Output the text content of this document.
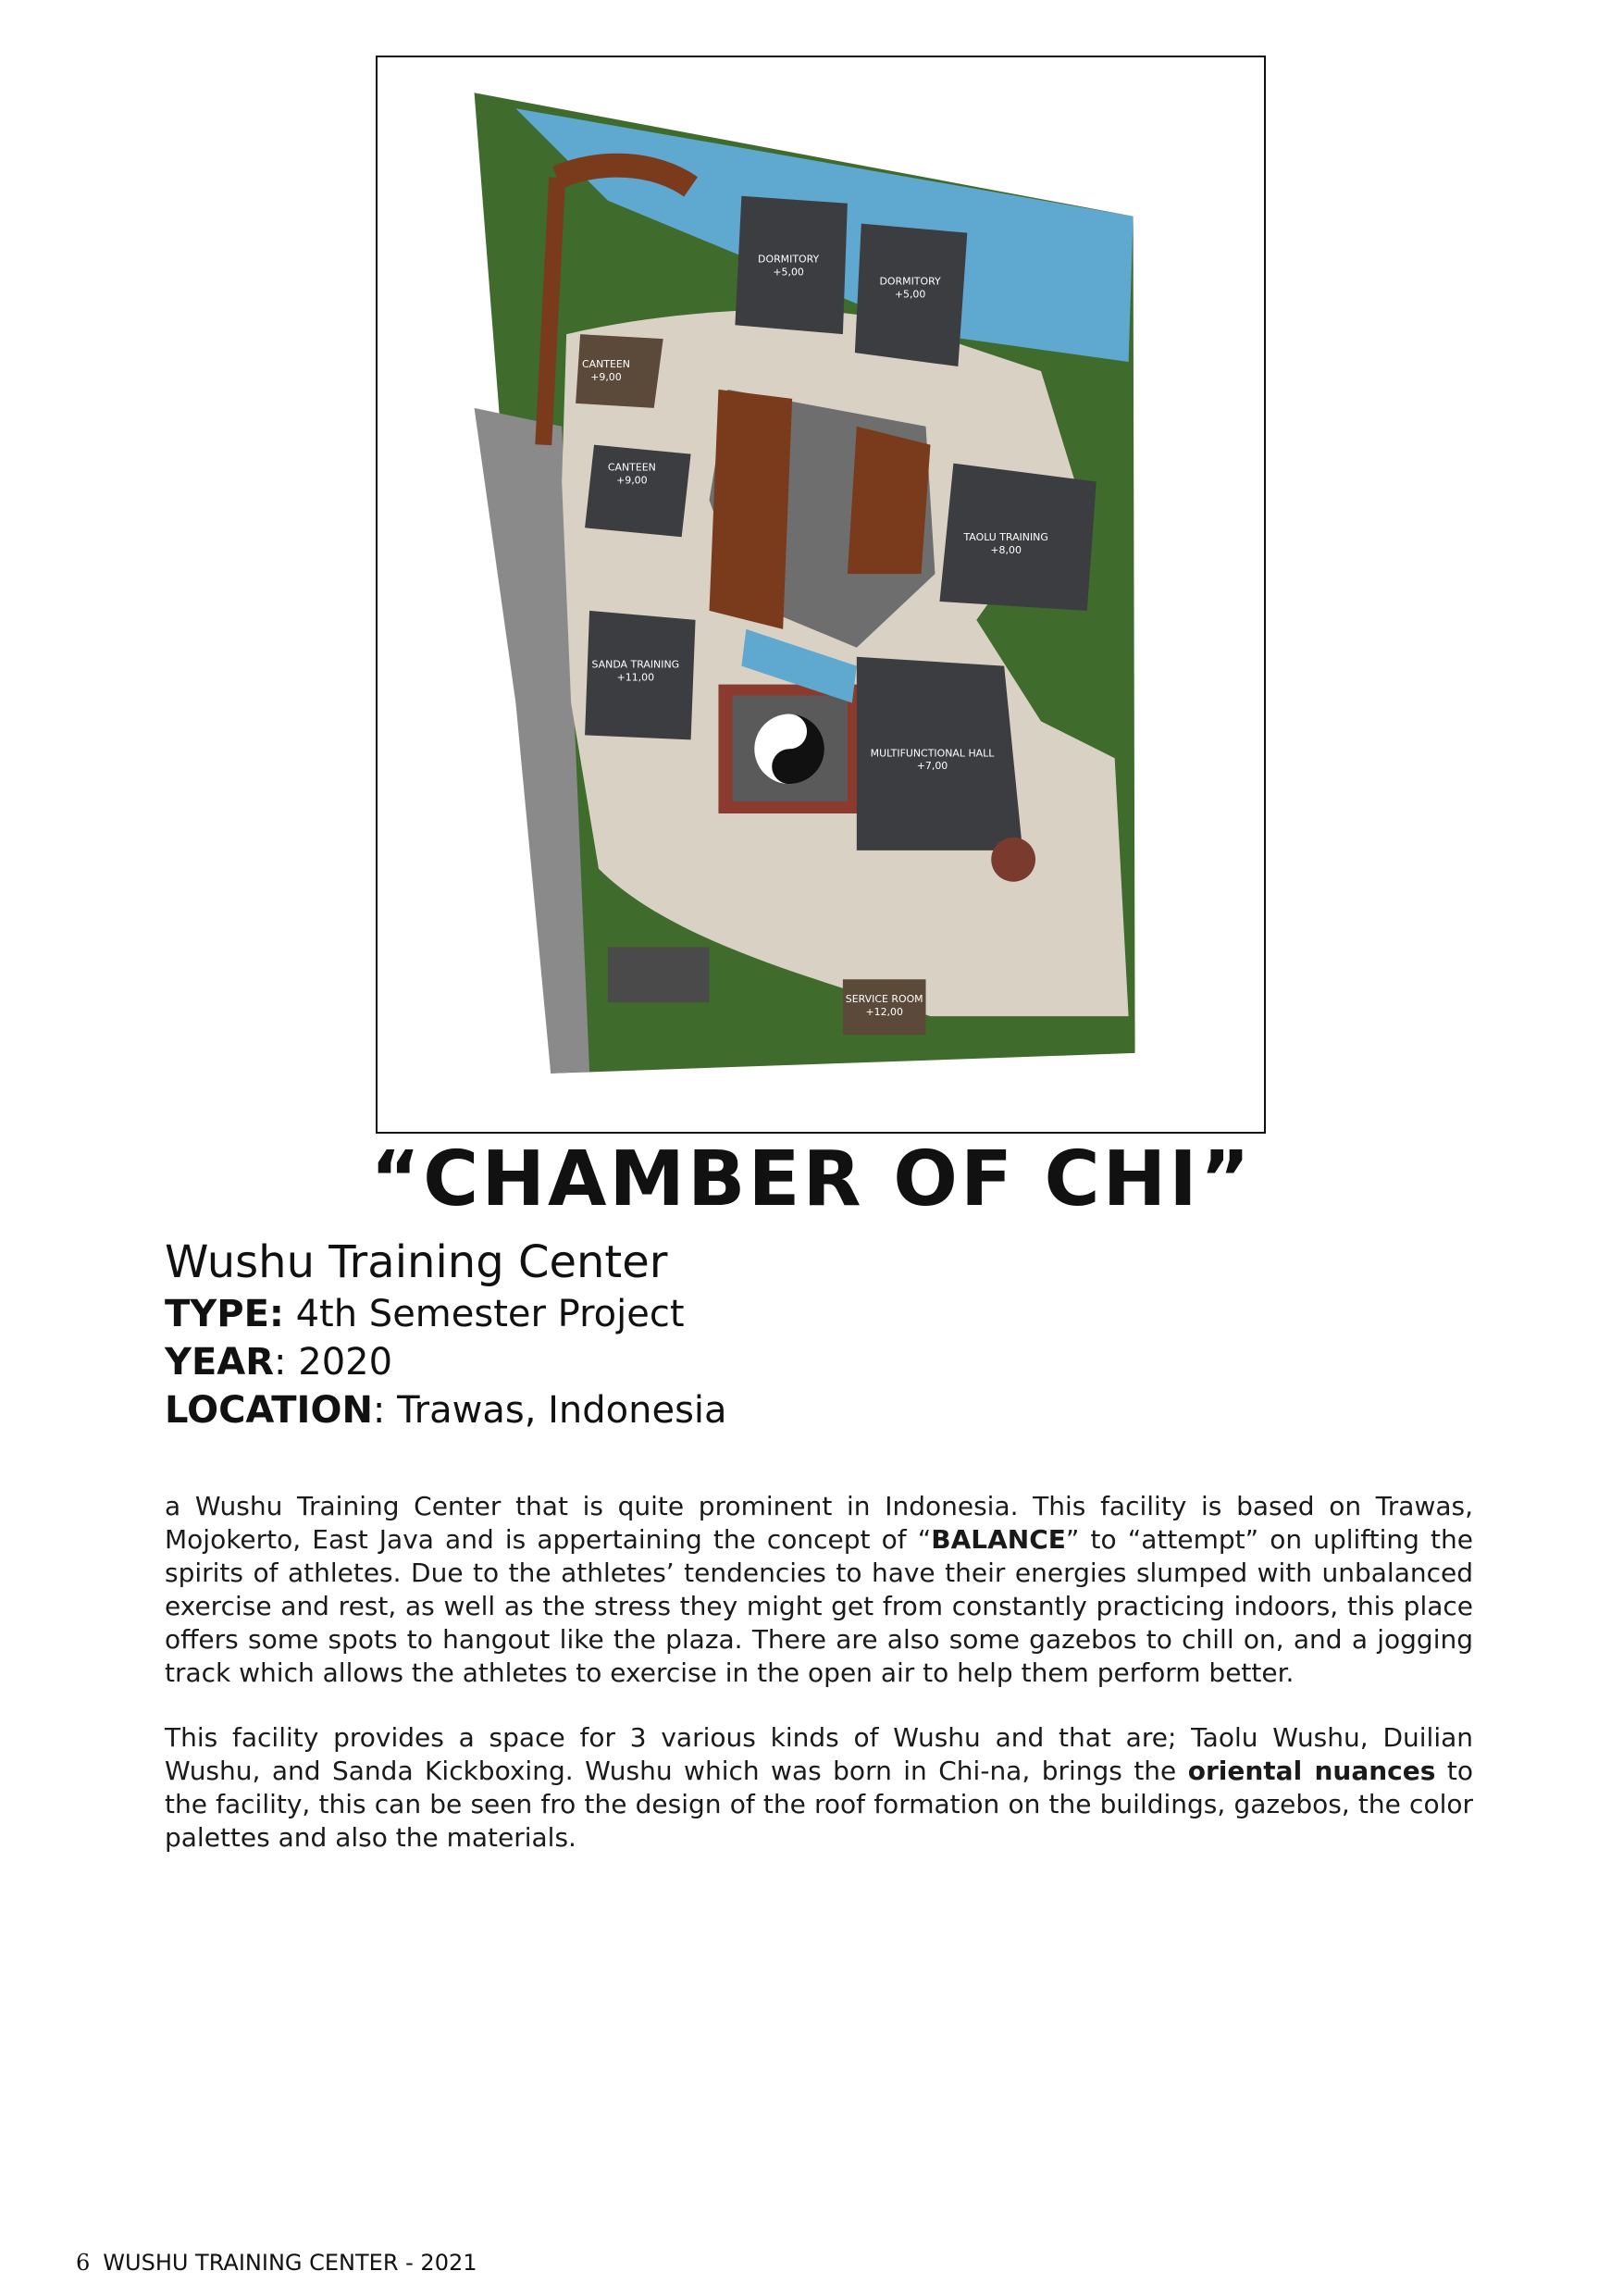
DORMITORY
+5,00
DORMITORY
+5,00
CANTEEN
+9,00
CANTEEN
+9,00
TAOLU TRAINING
+8,00
SANDA TRAINING
+11,00
MULTIFUNCTIONAL HALL
+7,00
SERVICE ROOM
+12,00
“CHAMBER OF CHI”
Wushu Training Center
TYPE: 4th Semester Project
YEAR: 2020
LOCATION: Trawas, Indonesia

a Wushu Training Center that is quite prominent in Indonesia. This facility is based on Trawas, Mojokerto, East Java and is appertaining the concept of “BALANCE” to “attempt” on uplifting the spirits of athletes. Due to the athletes’ tendencies to have their energies slumped with unbalanced exercise and rest, as well as the stress they might get from constantly practicing indoors, this place offers some spots to hangout like the plaza. There are also some gazebos to chill on, and a jogging track which allows the athletes to exercise in the open air to help them perform better.

This facility provides a space for 3 various kinds of Wushu and that are; Taolu Wushu, Duilian Wushu, and Sanda Kickboxing. Wushu which was born in Chi-na, brings the oriental nuances to the facility, this can be seen fro the design of the roof formation on the buildings, gazebos, the color palettes and also the materials.

6 WUSHU TRAINING CENTER - 2021
